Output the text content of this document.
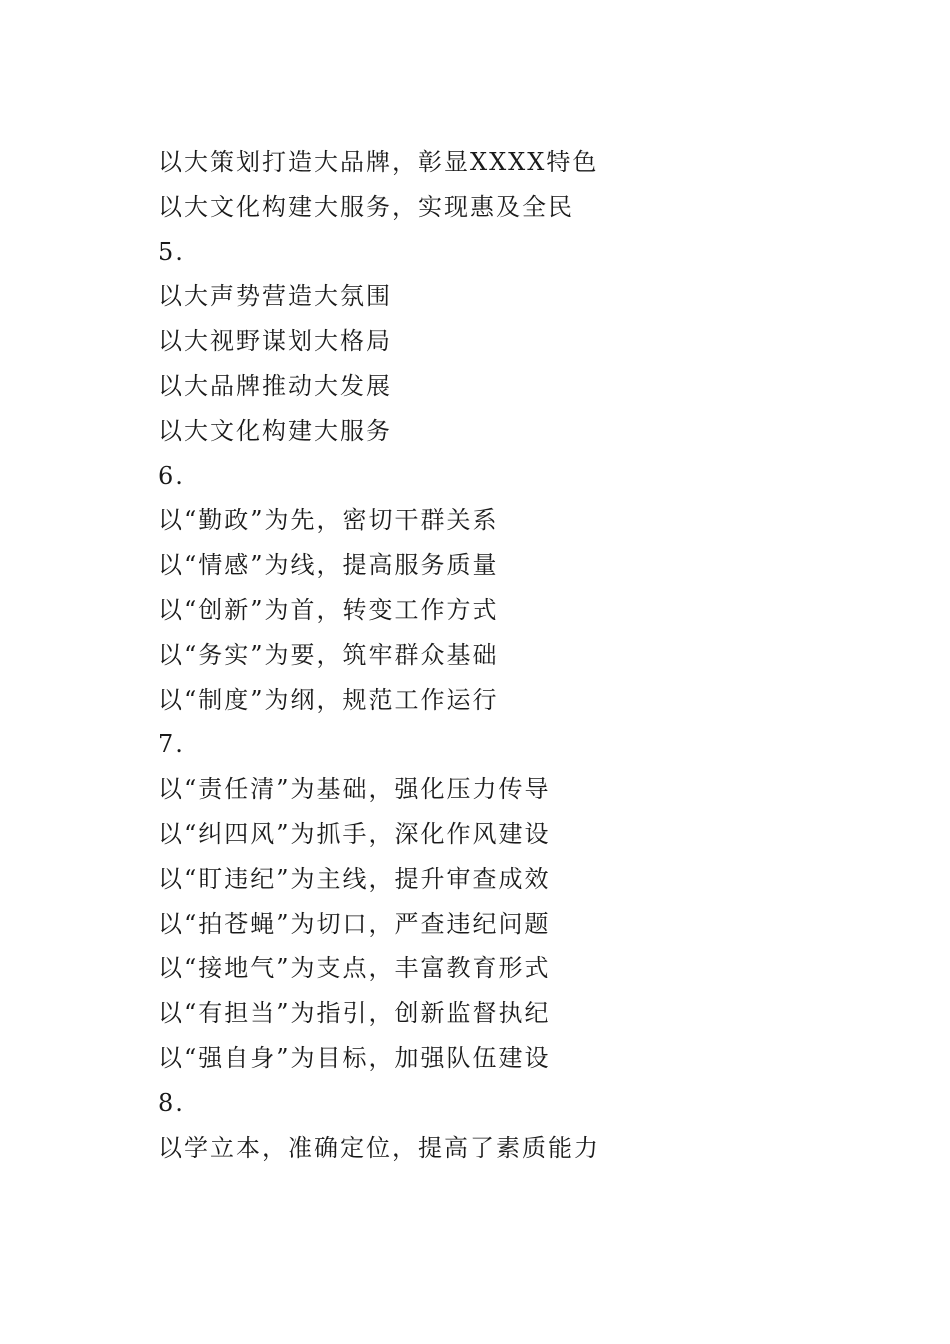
以大策划打造大品牌，彰显XXXX特色
以大文化构建大服务，实现惠及全民
5.
以大声势营造大氛围
以大视野谋划大格局
以大品牌推动大发展
以大文化构建大服务
6.
以“勤政”为先，密切干群关系
以“情感”为线，提高服务质量
以“创新”为首，转变工作方式
以“务实”为要，筑牢群众基础
以“制度”为纲，规范工作运行
7.
以“责任清”为基础，强化压力传导
以“纠四风”为抓手，深化作风建设
以“盯违纪”为主线，提升审查成效
以“拍苍蝇”为切口，严查违纪问题
以“接地气”为支点，丰富教育形式
以“有担当”为指引，创新监督执纪
以“强自身”为目标，加强队伍建设
8.
以学立本，准确定位，提高了素质能力
